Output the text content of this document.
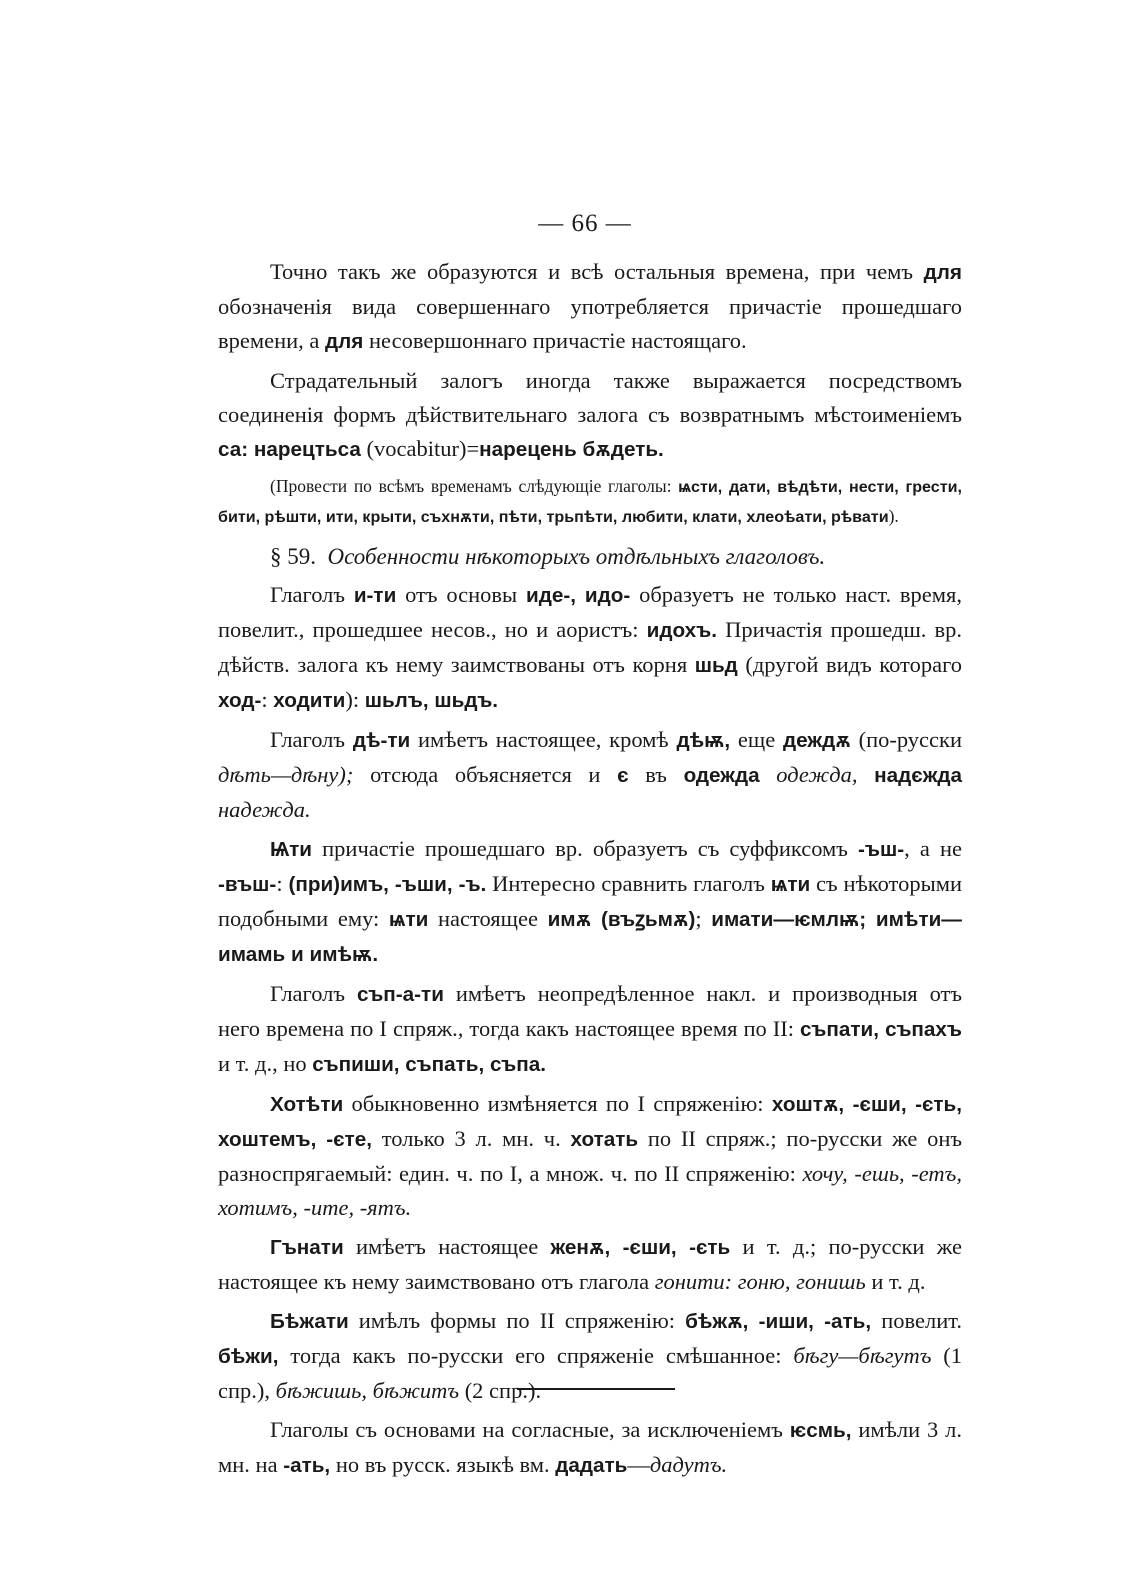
— 66 —

Точно такъ же образуются и всѣ остальныя времена, при чемъ для обозначенія вида совершеннаго употребляется причастіе прошедшаго времени, а для несовершоннаго причастіе настоящаго.

Страдательный залогъ иногда также выражается посредствомъ соединенія формъ дѣйствительнаго залога съ возвратнымъ мѣстоименіемъ са: нарецтьса (vocabitur)=нарецень бѫдеть.

(Провести по всѣмъ временамъ слѣдующіе глаголы: ѩсти, дати, вѣдѣти, нести, грести, бити, рѣшти, ити, крыти, съхнѫти, пѣти, трьпѣти, любити, клати, хлеоѣати, рѣвати).

§ 59. Особенности нѣкоторыхъ отдѣльныхъ глаголовъ.

Глаголъ и-ти отъ основы иде-, идо- образуетъ не только наст. время, повелит., прошедшее несов., но и аористъ: идохъ. Причастія прошедш. вр. дѣйств. залога къ нему заимствованы отъ корня шьд (другой видъ котораго ход-: ходити): шьлъ, шьдъ.

Глаголъ дѣ-ти имѣетъ настоящее, кромѣ дѣѭ, еще деждѫ (по-русски дѣть—дѣну); отсюда объясняется и є въ одеждa одежда, надєжда надежда.

Ѩти причастіе прошедшаго вр. образуетъ съ суффиксомъ -ъш-, а не -въш-: (при)имъ, -ъши, -ъ. Интересно сравнить глаголъ ѩти съ нѣкоторыми подобными ему: ѩти настоящее имѫ (въꙁьмѫ); имати—ѥмлѭ; имѣти—имамь и имѣѭ.

Глаголъ съп-а-ти имѣетъ неопредѣленное накл. и производныя отъ него времена по I спряж., тогда какъ настоящее время по II: съпати, съпахъ и т. д., но съпиши, съпать, съпа.

Хотѣти обыкновенно измѣняется по I спряженію: хоштѫ, -єши, -єть, хоштемъ, -єте, только 3 л. мн. ч. хотать по II спряж.; по-русски же онъ разноспрягаемый: един. ч. по I, а множ. ч. по II спряженію: хочу, -ешь, -етъ, хотимъ, -ите, -ятъ.

Гънати имѣетъ настоящее женѫ, -єши, -єть и т. д.; по-русски же настоящее къ нему заимствовано отъ глагола гонити: гоню, гонишь и т. д.

Бѣжати имѣлъ формы по II спряженію: бѣжѫ, -иши, -ать, повелит. бѣжи, тогда какъ по-русски его спряженіе смѣшанное: бѣгу—бѣгутъ (1 спр.), бѣжишь, бѣжитъ (2 спр.).

Глаголы съ основами на согласные, за исключеніемъ ѥсмь, имѣли 3 л. мн. на -ать, но въ русск. языкѣ вм. дадать—дадутъ.
